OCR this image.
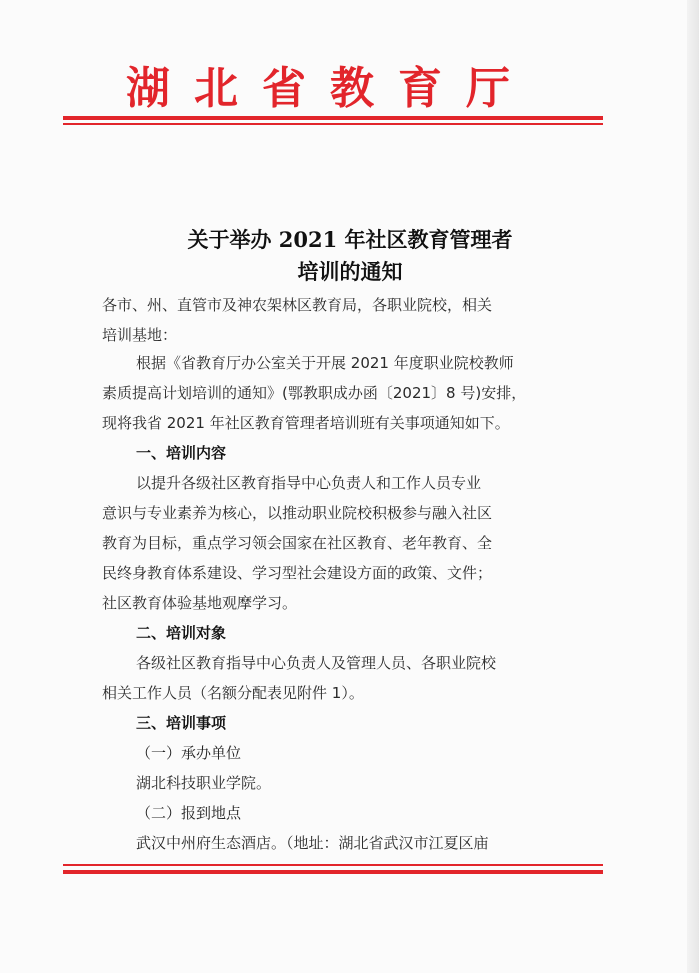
湖北省教育厅
关于举办 2021 年社区教育管理者
培训的通知
各市、州、直管市及神农架林区教育局，各职业院校，相关
培训基地：
根据《省教育厅办公室关于开展 2021 年度职业院校教师
素质提高计划培训的通知》(鄂教职成办函〔2021〕8 号)安排，
现将我省 2021 年社区教育管理者培训班有关事项通知如下。
一、培训内容
以提升各级社区教育指导中心负责人和工作人员专业
意识与专业素养为核心，以推动职业院校积极参与融入社区
教育为目标，重点学习领会国家在社区教育、老年教育、全
民终身教育体系建设、学习型社会建设方面的政策、文件；
社区教育体验基地观摩学习。
二、培训对象
各级社区教育指导中心负责人及管理人员、各职业院校
相关工作人员（名额分配表见附件 1）。
三、培训事项
（一）承办单位
湖北科技职业学院。
（二）报到地点
武汉中州府生态酒店。（地址：湖北省武汉市江夏区庙
